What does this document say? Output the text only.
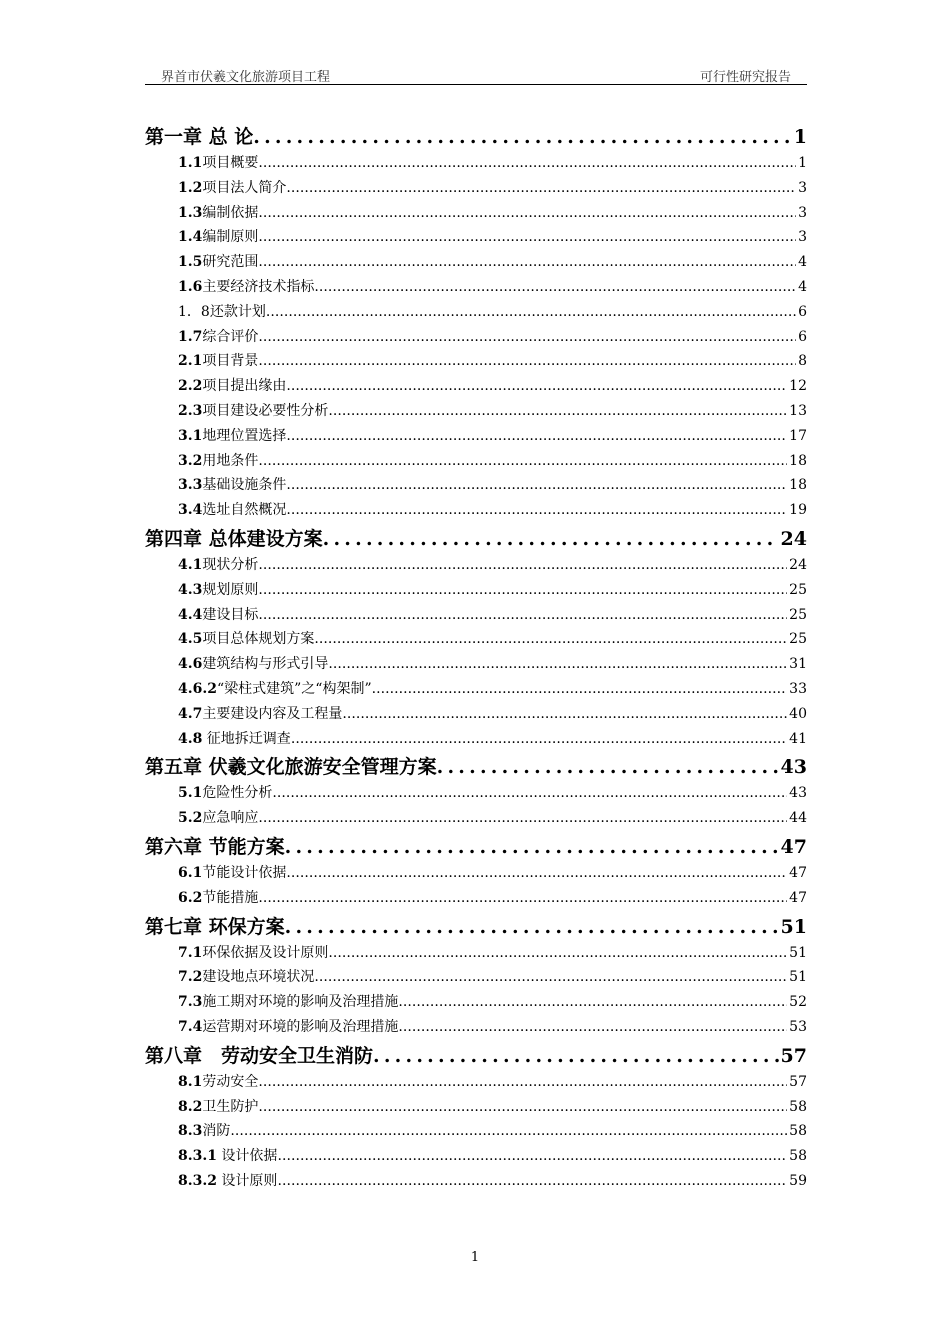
界首市伏羲文化旅游项目工程	可行性研究报告
第一章 总 论 . . .	1
1.1项目概要 . . .	1
1.2项目法人简介 . . .	3
1.3编制依据 . . .	3
1.4编制原则 . . .	3
1.5研究范围 . . .	4
1.6主要经济技术指标 . . .	4
1．8还款计划 . . .	6
1.7综合评价 . . .	6
2.1项目背景 . . .	8
2.2项目提出缘由 . . .	12
2.3项目建设必要性分析 . . .	13
3.1地理位置选择 . . .	17
3.2用地条件 . . .	18
3.3基础设施条件 . . .	18
3.4选址自然概况 . . .	19
第四章 总体建设方案 . . .	24
4.1现状分析 . . .	24
4.3规划原则 . . .	25
4.4建设目标 . . .	25
4.5项目总体规划方案 . . .	25
4.6建筑结构与形式引导 . . .	31
4.6.2“梁柱式建筑”之“构架制” . . .	33
4.7主要建设内容及工程量 . . .	40
4.8 征地拆迁调查 . . .	41
第五章 伏羲文化旅游安全管理方案 . . .	43
5.1危险性分析 . . .	43
5.2应急响应 . . .	44
第六章 节能方案 . . .	47
6.1节能设计依据 . . .	47
6.2节能措施 . . .	47
第七章 环保方案 . . .	51
7.1环保依据及设计原则 . . .	51
7.2建设地点环境状况 . . .	51
7.3施工期对环境的影响及治理措施 . . .	52
7.4运营期对环境的影响及治理措施 . . .	53
第八章　劳动安全卫生消防 . . .	57
8.1劳动安全 . . .	57
8.2卫生防护 . . .	58
8.3消防 . . .	58
8.3.1 设计依据 . . .	58
8.3.2 设计原则 . . .	59
1
